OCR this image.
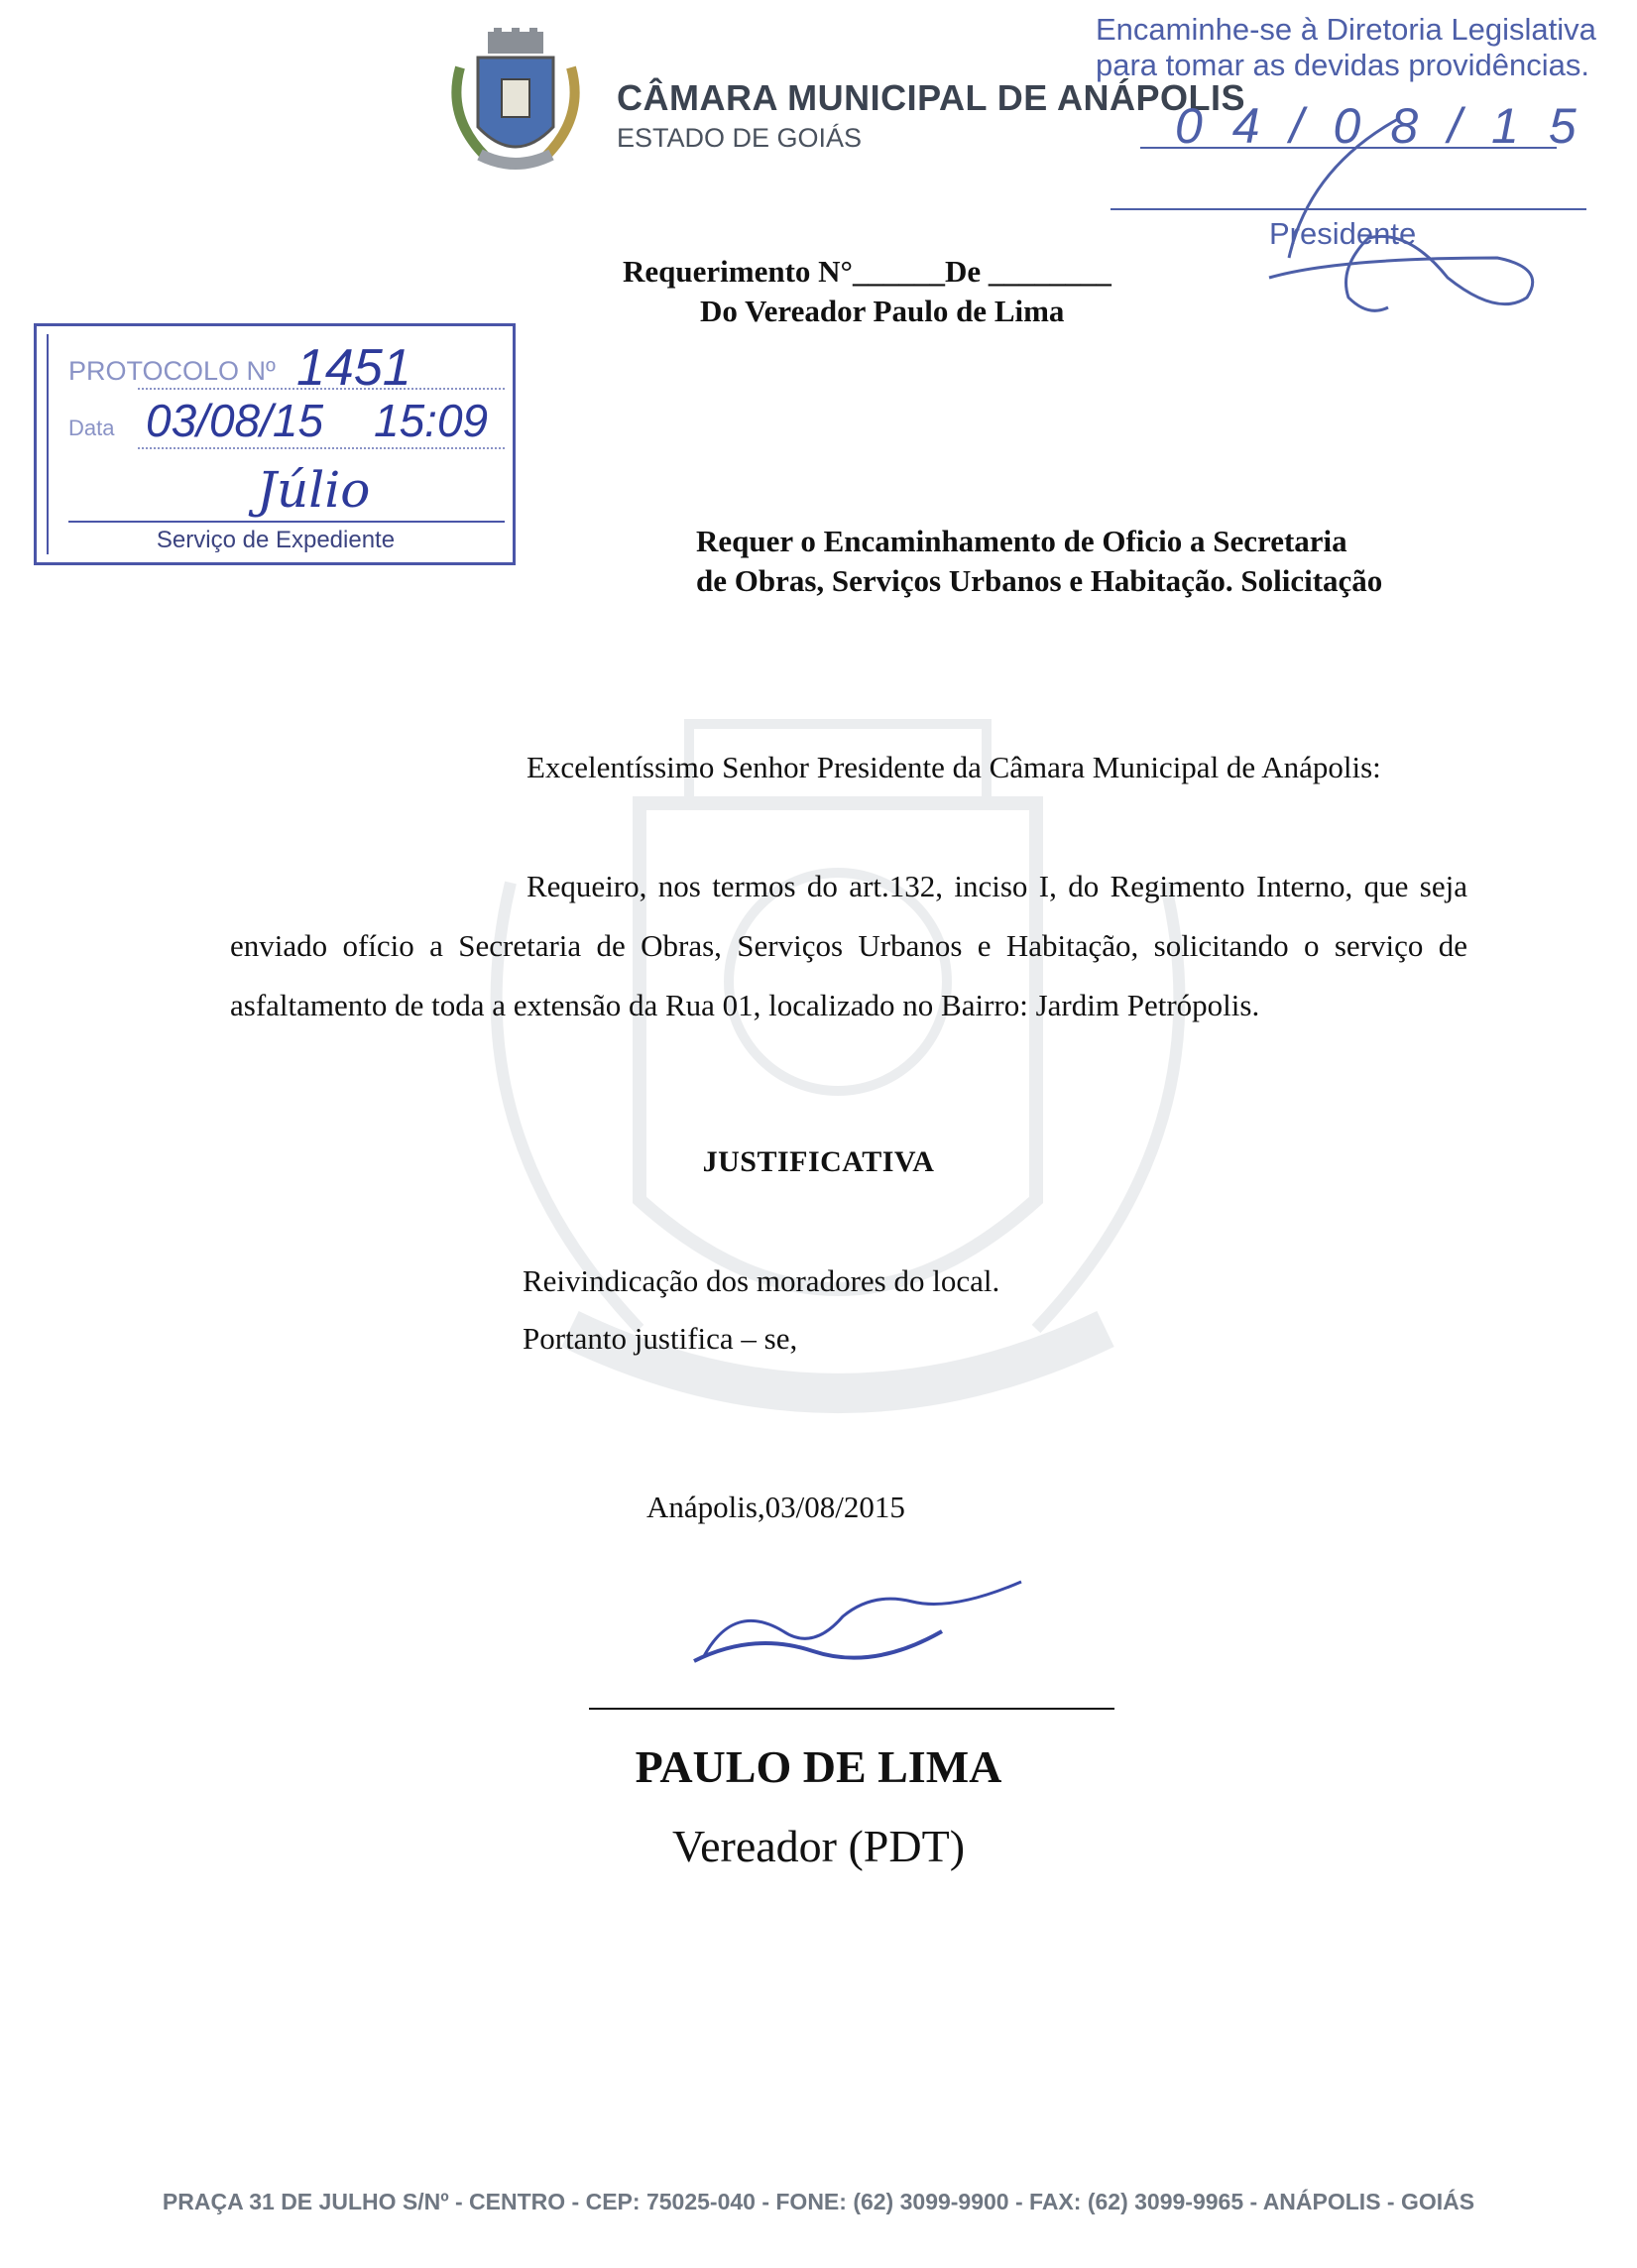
CÂMARA MUNICIPAL DE ANÁPOLIS
ESTADO DE GOIÁS
Encaminhe-se à Diretoria Legislativa
para tomar as devidas providências.
04/08/15
Presidente
Requerimento N°______De ________
Do Vereador Paulo de Lima
PROTOCOLO Nº 1451
Data 03/08/15 15:09
Júlio
Serviço de Expediente	Requer o Encaminhamento de Oficio a Secretaria
de Obras, Serviços Urbanos e Habitação. Solicitação
Excelentíssimo Senhor Presidente da Câmara Municipal de Anápolis:
Requeiro, nos termos do art.132, inciso I, do Regimento Interno, que seja enviado ofício a Secretaria de Obras, Serviços Urbanos e Habitação, solicitando o serviço de asfaltamento de toda a extensão da Rua 01, localizado no Bairro: Jardim Petrópolis.
JUSTIFICATIVA
Reivindicação dos moradores do local.
Portanto justifica – se,
Anápolis,03/08/2015
PAULO DE LIMA
Vereador (PDT)
PRAÇA 31 DE JULHO S/Nº - CENTRO - CEP: 75025-040 - FONE: (62) 3099-9900 - FAX: (62) 3099-9965 - ANÁPOLIS - GOIÁS
